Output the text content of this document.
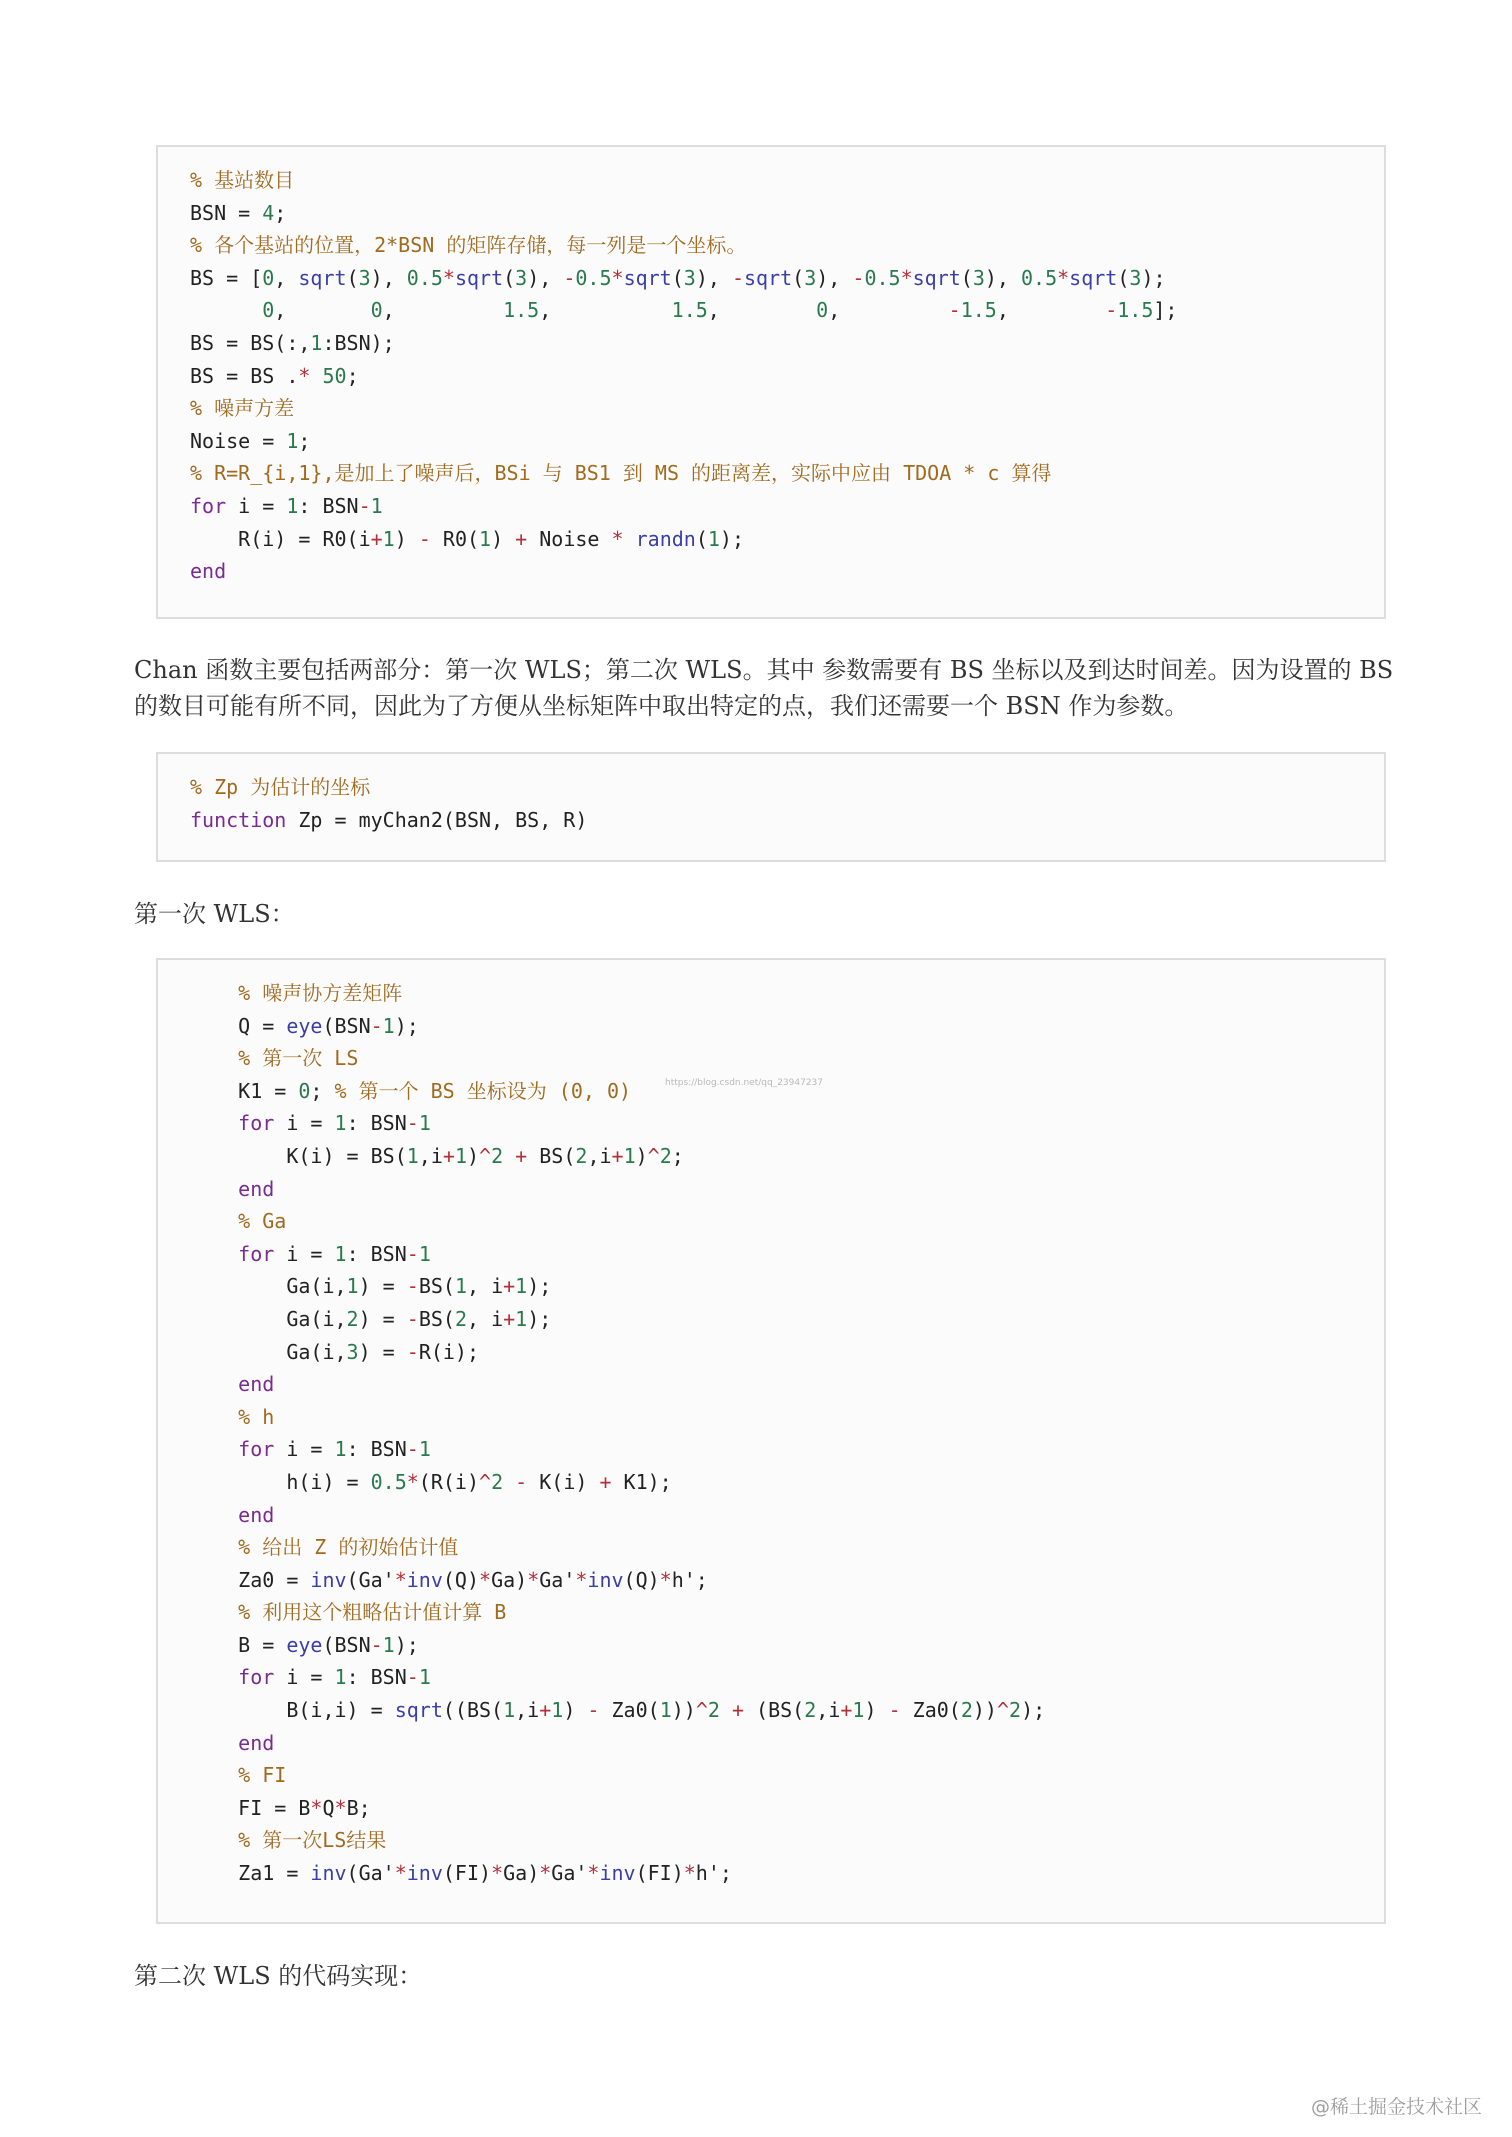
% 基站数目
BSN = 4;
% 各个基站的位置，2*BSN 的矩阵存储，每一列是一个坐标。
BS = [0, sqrt(3), 0.5*sqrt(3), -0.5*sqrt(3), -sqrt(3), -0.5*sqrt(3), 0.5*sqrt(3);
0,       0,         1.5,          1.5,        0,         -1.5,        -1.5];
BS = BS(:,1:BSN);
BS = BS .* 50;
% 噪声方差
Noise = 1;
% R=R_{i,1},是加上了噪声后，BSi 与 BS1 到 MS 的距离差，实际中应由 TDOA * c 算得
for i = 1: BSN-1
R(i) = R0(i+1) - R0(1) + Noise * randn(1);
end

Chan 函数主要包括两部分：第一次 WLS；第二次 WLS。其中 参数需要有 BS 坐标以及到达时间差。因为设置的 BS 的数目可能有所不同，因此为了方便从坐标矩阵中取出特定的点，我们还需要一个 BSN 作为参数。

% Zp 为估计的坐标
function Zp = myChan2(BSN, BS, R)

第一次 WLS：

% 噪声协方差矩阵
Q = eye(BSN-1);
% 第一次 LS
K1 = 0; % 第一个 BS 坐标设为 (0, 0)
for i = 1: BSN-1
K(i) = BS(1,i+1)^2 + BS(2,i+1)^2;
end
% Ga
for i = 1: BSN-1
Ga(i,1) = -BS(1, i+1);
Ga(i,2) = -BS(2, i+1);
Ga(i,3) = -R(i);
end
% h
for i = 1: BSN-1
h(i) = 0.5*(R(i)^2 - K(i) + K1);
end
% 给出 Z 的初始估计值
Za0 = inv(Ga'*inv(Q)*Ga)*Ga'*inv(Q)*h';
% 利用这个粗略估计值计算 B
B = eye(BSN-1);
for i = 1: BSN-1
B(i,i) = sqrt((BS(1,i+1) - Za0(1))^2 + (BS(2,i+1) - Za0(2))^2);
end
% FI
FI = B*Q*B;
% 第一次LS结果
Za1 = inv(Ga'*inv(FI)*Ga)*Ga'*inv(FI)*h';
https://blog.csdn.net/qq_23947237

第二次 WLS 的代码实现：

@稀土掘金技术社区
